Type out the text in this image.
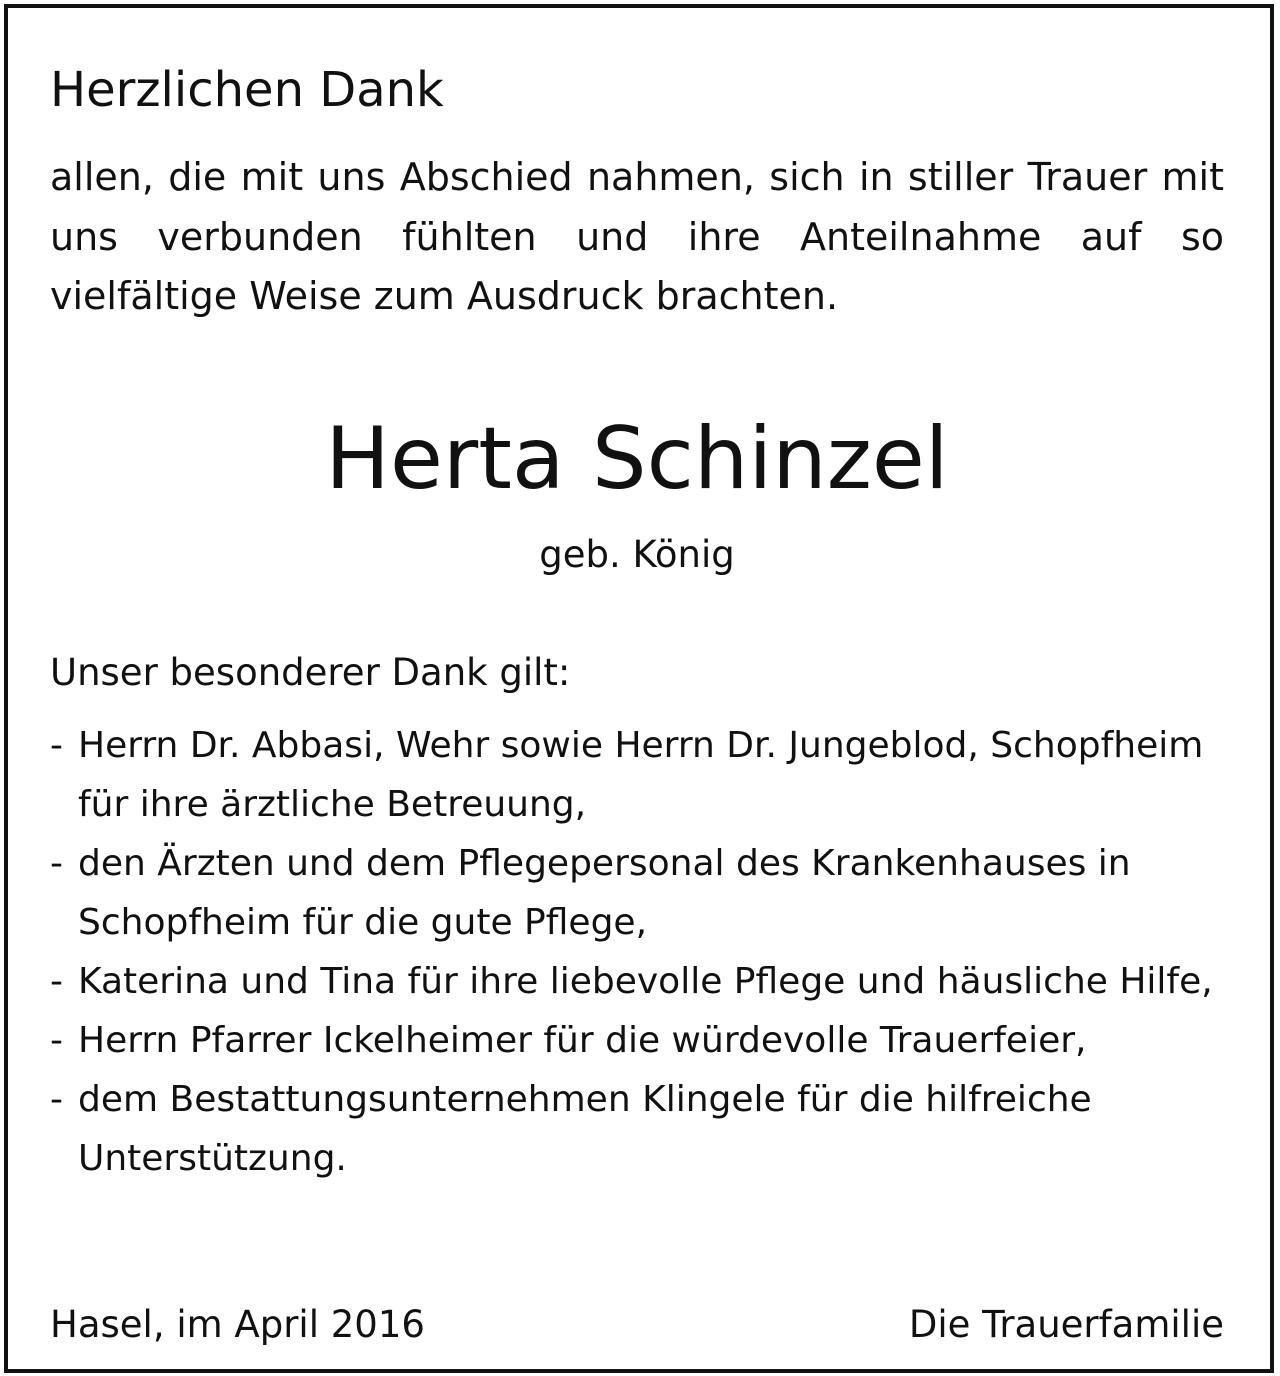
Herzlichen Dank
allen, die mit uns Abschied nahmen, sich in stiller Trauer mit uns verbunden fühlten und ihre Anteilnahme auf so vielfältige Weise zum Ausdruck brachten.
Herta Schinzel
geb. König
Unser besonderer Dank gilt:
- Herrn Dr. Abbasi, Wehr sowie Herrn Dr. Jungeblod, Schopfheim für ihre ärztliche Betreuung,
- den Ärzten und dem Pflegepersonal des Krankenhauses in Schopfheim für die gute Pflege,
- Katerina und Tina für ihre liebevolle Pflege und häusliche Hilfe,
- Herrn Pfarrer Ickelheimer für die würdevolle Trauerfeier,
- dem Bestattungsunternehmen Klingele für die hilfreiche Unterstützung.
Hasel, im April 2016	Die Trauerfamilie
